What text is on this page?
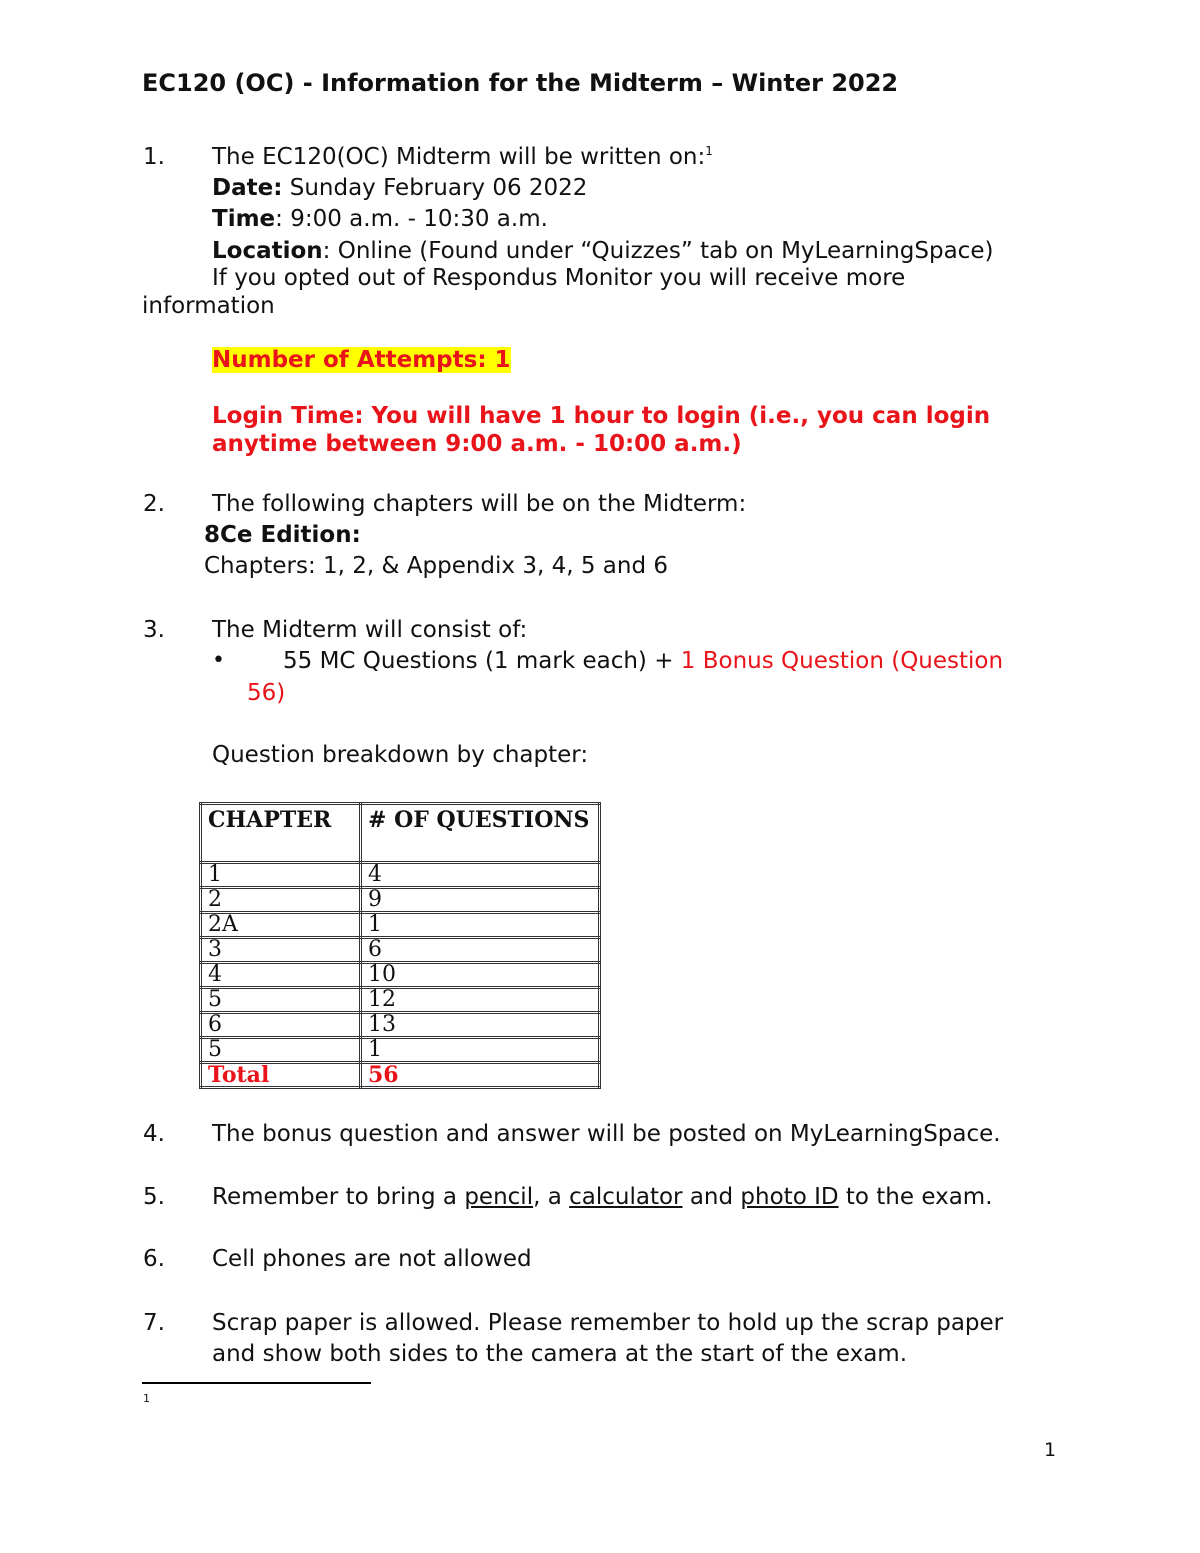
EC120 (OC) - Information for the Midterm – Winter 2022
1. The EC120(OC) Midterm will be written on:$^1$
Date: Sunday February 06 2022
Time: 9:00 a.m. - 10:30 a.m.
Location: Online (Found under “Quizzes” tab on MyLearningSpace)
If you opted out of Respondus Monitor you will receive more
information
Number of Attempts: 1
Login Time: You will have 1 hour to login (i.e., you can login
anytime between 9:00 a.m. - 10:00 a.m.)
2. The following chapters will be on the Midterm:
8Ce Edition:
Chapters: 1, 2, & Appendix 3, 4, 5 and 6
3. The Midterm will consist of:
•	55 MC Questions (1 mark each) + 1 Bonus Question (Question
56)
Question breakdown by chapter:
CHAPTER	# OF QUESTIONS
1	4
2	9
2A	1
3	6
4	10
5	12
6	13
5	1
Total	56
4. The bonus question and answer will be posted on MyLearningSpace.
5. Remember to bring a pencil, a calculator and photo ID to the exam.
6. Cell phones are not allowed
7. Scrap paper is allowed. Please remember to hold up the scrap paper
and show both sides to the camera at the start of the exam.
1
1
